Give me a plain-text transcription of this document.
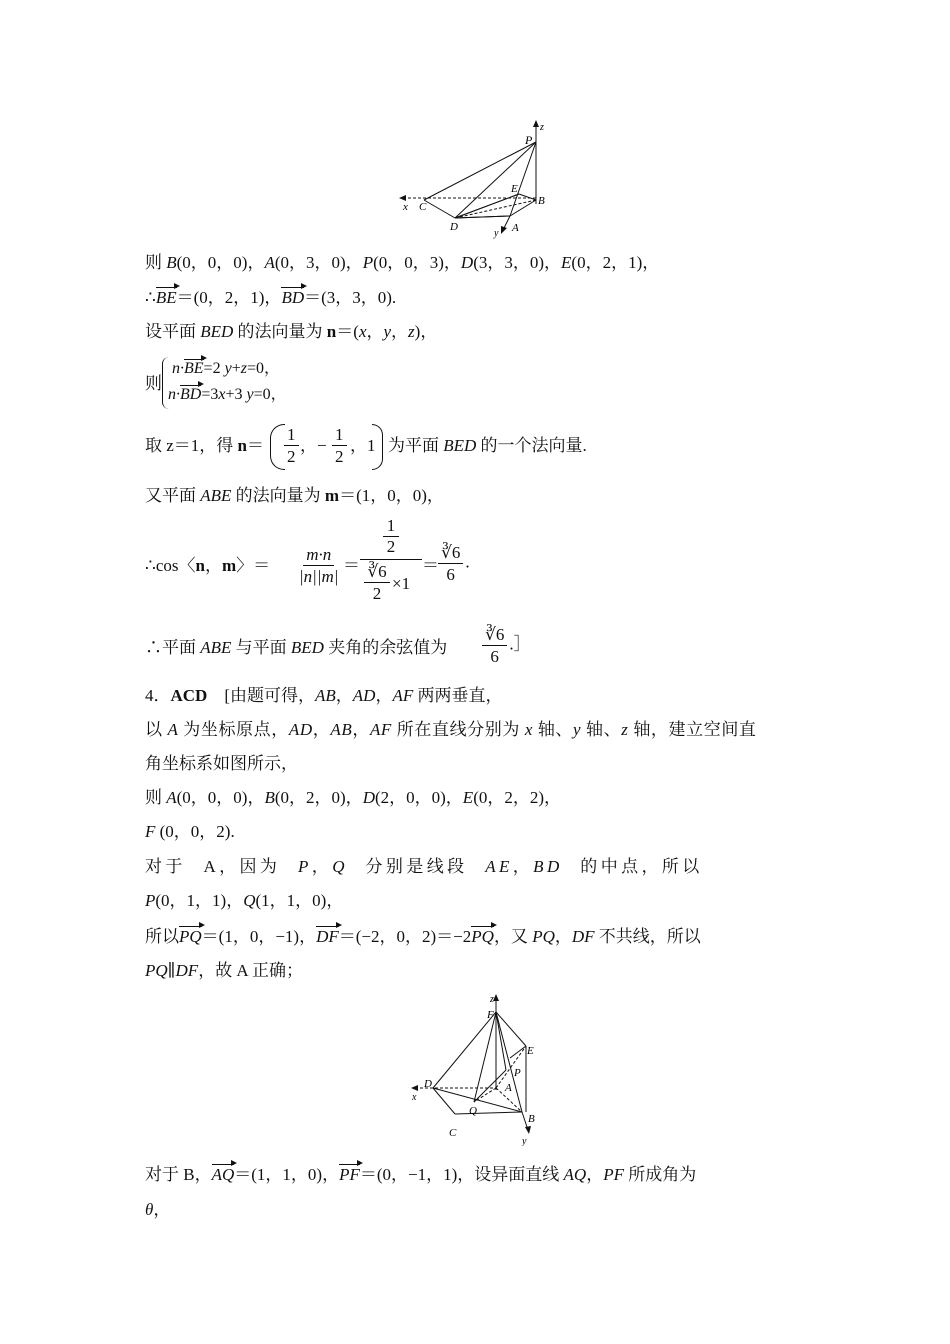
P
z
E
B
x C
D
y A
则 B(0，0，0)，A(0，3，0)，P(0，0，3)，D(3，3，0)，E(0，2，1)，
∴BE＝(0，2，1)，BD＝(3，3，0).
设平面 BED 的法向量为 n＝(x，y，z)，
则
n·BE=2 y+z=0，
n·BD=3x+3 y=0，
取 z＝1，得 $n= \frac{1}{2}$ ，− $\frac{1}{2}$ ，1 为平面 BED 的一个法向量.
又平面 ABE 的法向量为 m＝(1，0，0)，
∴cos〈n，m〉＝ $\frac{m\cdot n}{|n||m|}$ ＝
1
2
∛6
2
×1
＝ $\frac{∛6}{6}$ .
∴平面 ABE 与平面 BED 夹角的余弦值为 $\frac{∛6}{6}$ .］
4．ACD　[由题可得，AB，AD，AF 两两垂直，
以 A 为坐标原点，AD，AB，AF 所在直线分别为 x 轴、y 轴、z 轴，建立空间直
角坐标系如图所示，
则 A(0，0，0)，B(0，2，0)，D(2，0，0)，E(0，2，2)，
F (0，0，2).
对于 A，因为 P，Q 分别是线段 AE，BD 的中点，所以
P(0，1，1)，Q(1，1，0)，
所以PQ＝(1，0，−1)，DF＝(−2，0，2)＝−2PQ，又 PQ，DF 不共线，所以
PQ∥DF，故 A 正确；
z
F
E
P
D	A
x
Q
B
C
y
对于 B，AQ＝(1，1，0)，PF＝(0，−1，1)，设异面直线 AQ，PF 所成角为
θ，
